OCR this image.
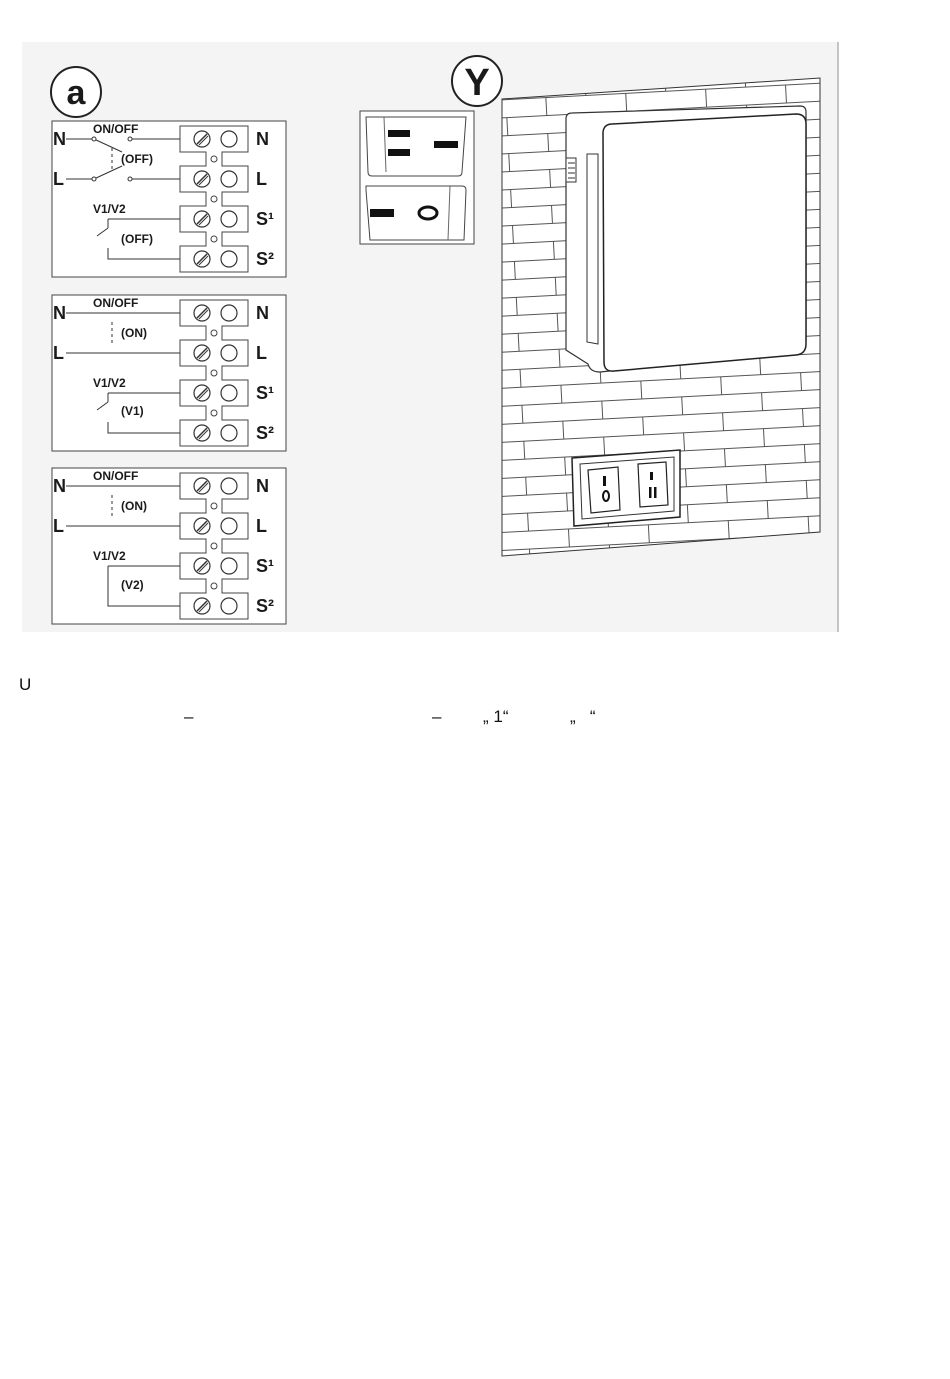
a	Y
N
L
ON/OFF
(OFF)
V1/V2
(OFF)
N
L
S¹
S²
N
L
ON/OFF
(ON)
V1/V2
(V1)
N
L
S¹
S²
N
L
ON/OFF
(ON)
V1/V2
(V2)
N
L
S¹
S²
U
–	– „ 1“	„   “
